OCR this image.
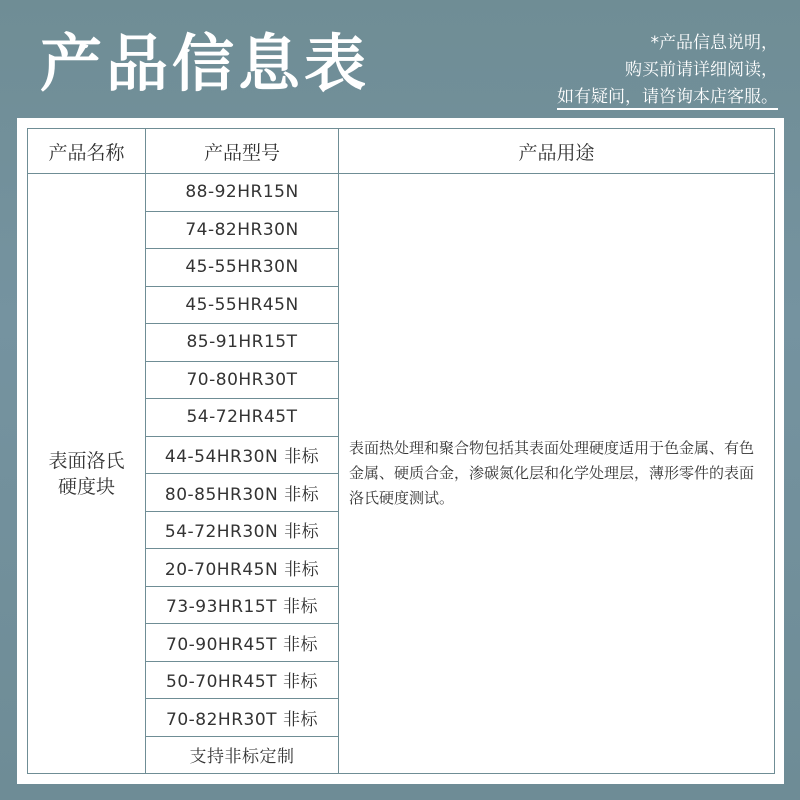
产品信息表	*产品信息说明，
购买前请详细阅读，
如有疑问，请咨询本店客服。
产品名称	产品型号	产品用途
表面洛氏硬度块	88-92HR15N	表面热处理和聚合物包括其表面处理硬度适用于色金属、有色金属、硬质合金，渗碳氮化层和化学处理层，薄形零件的表面洛氏硬度测试。
	74-82HR30N	
	45-55HR30N	
	45-55HR45N	
	85-91HR15T	
	70-80HR30T	
	54-72HR45T	
	44-54HR30N 非标	
	80-85HR30N 非标	
	54-72HR30N 非标	
	20-70HR45N 非标	
	73-93HR15T 非标	
	70-90HR45T 非标	
	50-70HR45T 非标	
	70-82HR30T 非标	
	支持非标定制	
